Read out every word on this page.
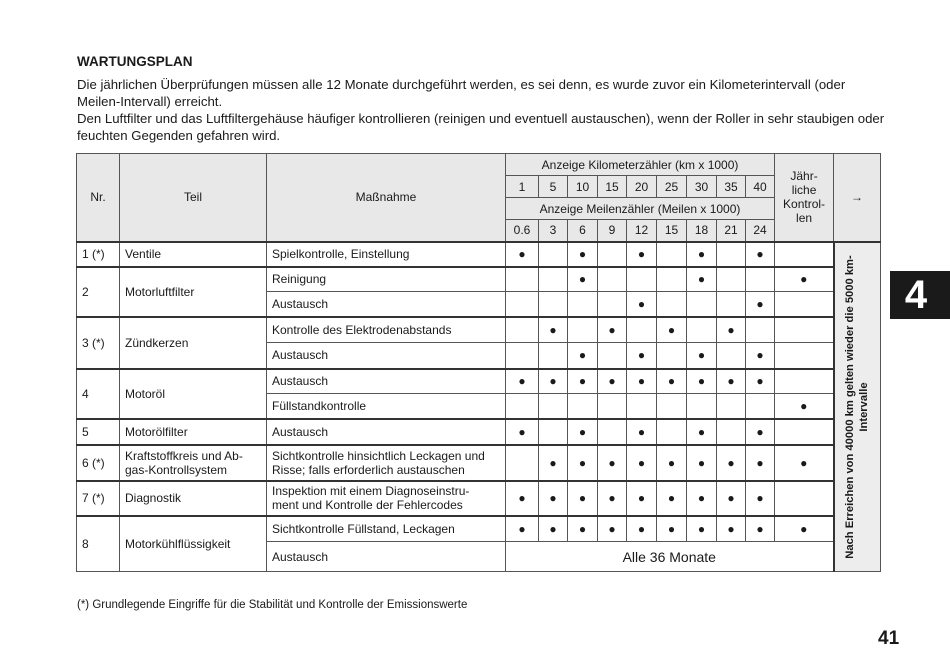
WARTUNGSPLAN

Die jährlichen Überprüfungen müssen alle 12 Monate durchgeführt werden, es sei denn, es wurde zuvor ein Kilometerintervall (oder Meilen-Intervall) erreicht.

Den Luftfilter und das Luftfiltergehäuse häufiger kontrollieren (reinigen und eventuell austauschen), wenn der Roller in sehr staubigen oder feuchten Gegenden gefahren wird.

Nr.	Teil	Maßnahme	Anzeige Kilometerzähler (km x 1000)									Jähr-
liche
Kontrol-
len	→
			1	5	10	15	20	25	30	35	40		
			Anzeige Meilenzähler (Meilen x 1000)										
			0.6	3	6	9	12	15	18	21	24		
1 (*)	Ventile	Spielkontrolle, Einstellung	●		●		●		●		●		Nach Erreichen von 40000 km gelten wieder die 5000 km-Intervalle

2	Motorluftfilter	Reinigung			●				●			●	
		Austausch					●				●		
3 (*)	Zündkerzen	Kontrolle des Elektrodenabstands		●		●		●		●			
		Austausch			●		●		●		●		
4	Motoröl	Austausch	●	●	●	●	●	●	●	●	●		
		Füllstandkontrolle										●	
5	Motorölfilter	Austausch	●		●		●		●		●		
6 (*)	Kraftstoffkreis und Ab-
gas-Kontrollsystem	Sichtkontrolle hinsichtlich Leckagen und
Risse; falls erforderlich austauschen		●	●	●	●	●	●	●	●	●	
7 (*)	Diagnostik	Inspektion mit einem Diagnoseinstru-
ment und Kontrolle der Fehlercodes	●	●	●	●	●	●	●	●	●		
8	Motorkühlflüssigkeit	Sichtkontrolle Füllstand, Leckagen	●	●	●	●	●	●	●	●	●	●	
		Austausch	Alle 36 Monate										
(*) Grundlegende Eingriffe für die Stabilität und Kontrolle der Emissionswerte
4
41
